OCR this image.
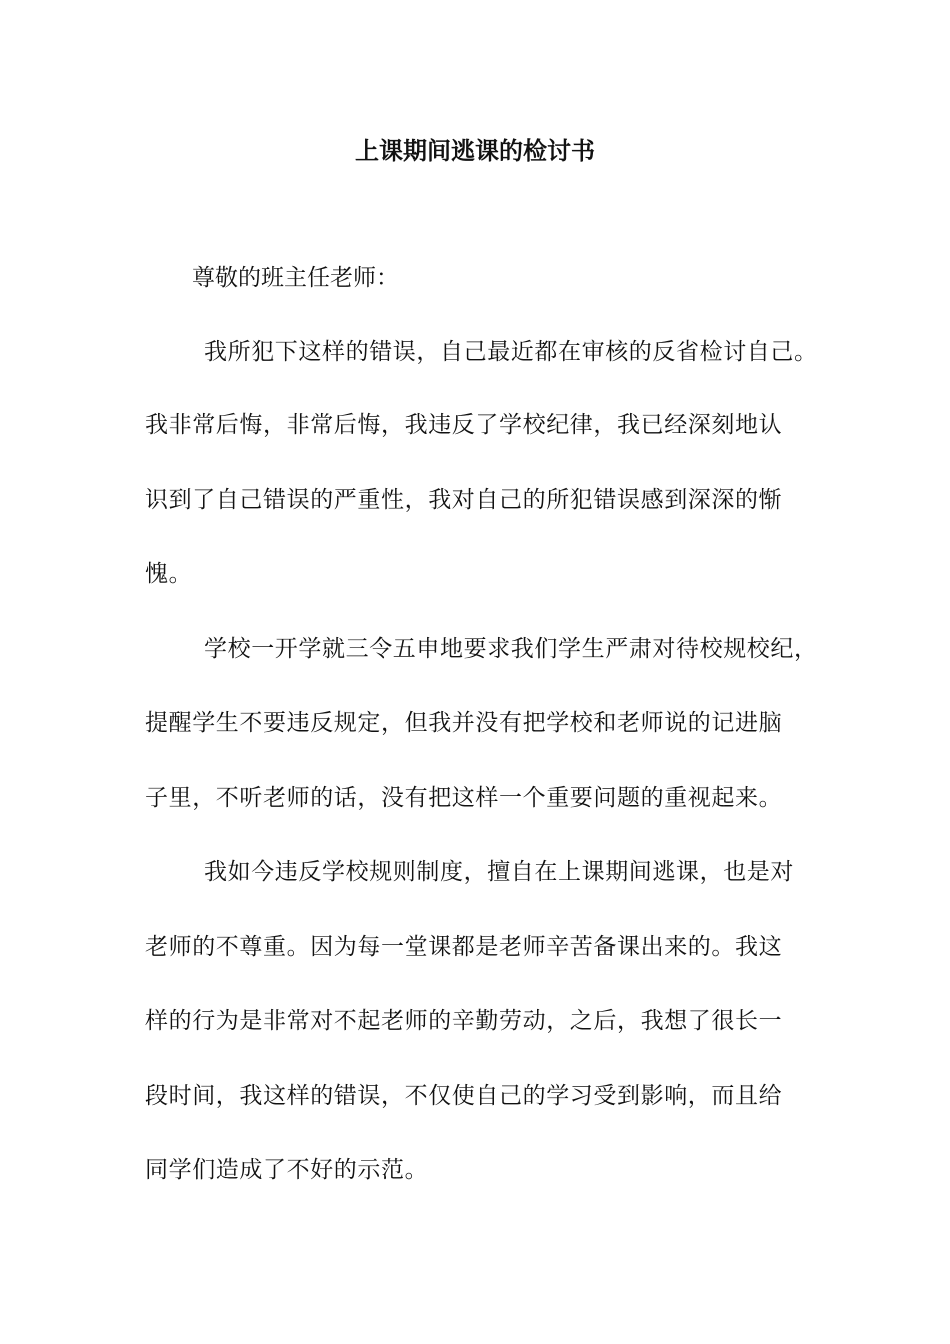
上课期间逃课的检讨书
尊敬的班主任老师：
我所犯下这样的错误，自己最近都在审核的反省检讨自己。
我非常后悔，非常后悔，我违反了学校纪律，我已经深刻地认
识到了自己错误的严重性，我对自己的所犯错误感到深深的惭
愧。
学校一开学就三令五申地要求我们学生严肃对待校规校纪，
提醒学生不要违反规定，但我并没有把学校和老师说的记进脑
子里，不听老师的话，没有把这样一个重要问题的重视起来。
我如今违反学校规则制度，擅自在上课期间逃课，也是对
老师的不尊重。因为每一堂课都是老师辛苦备课出来的。我这
样的行为是非常对不起老师的辛勤劳动，之后，我想了很长一
段时间，我这样的错误，不仅使自己的学习受到影响，而且给
同学们造成了不好的示范。
